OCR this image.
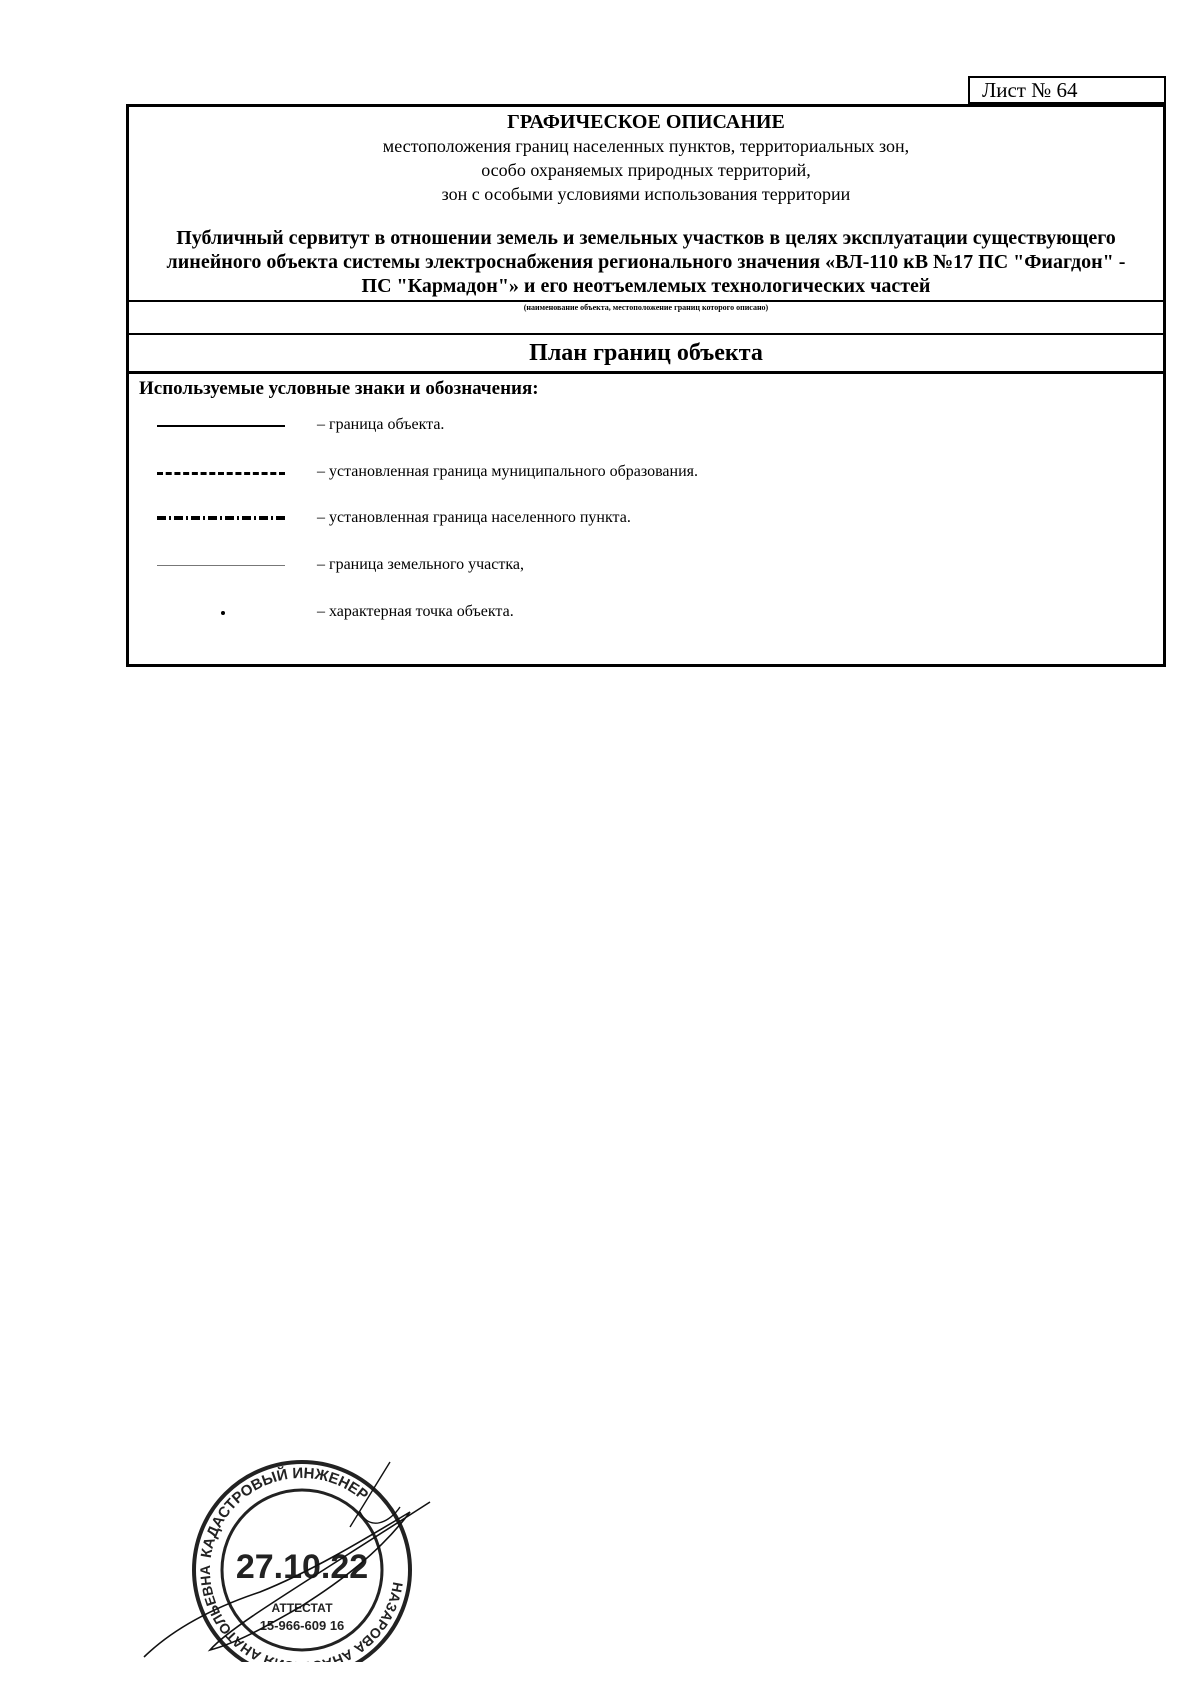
Лист № 64
ГРАФИЧЕСКОЕ ОПИСАНИЕ
местоположения границ населенных пунктов, территориальных зон,
особо охраняемых природных территорий,
зон с особыми условиями использования территории
Публичный сервитут в отношении земель и земельных участков в целях эксплуатации существующего линейного объекта системы электроснабжения регионального значения «ВЛ-110 кВ №17 ПС "Фиагдон" - ПС "Кармадон"» и его неотъемлемых технологических частей
(наименование объекта, местоположение границ которого описано)
План границ объекта
Используемые условные знаки и обозначения:
– граница объекта.
– установленная граница муниципального образования.
– установленная граница населенного пункта.
– граница земельного участка,
– характерная точка объекта.
КАДАСТРОВЫЙ ИНЖЕНЕР
НАЗАРОВА АН Я АНАТОЛЬЕВНА 27.10.22
АТТЕСТАТ
15-966-609 16
